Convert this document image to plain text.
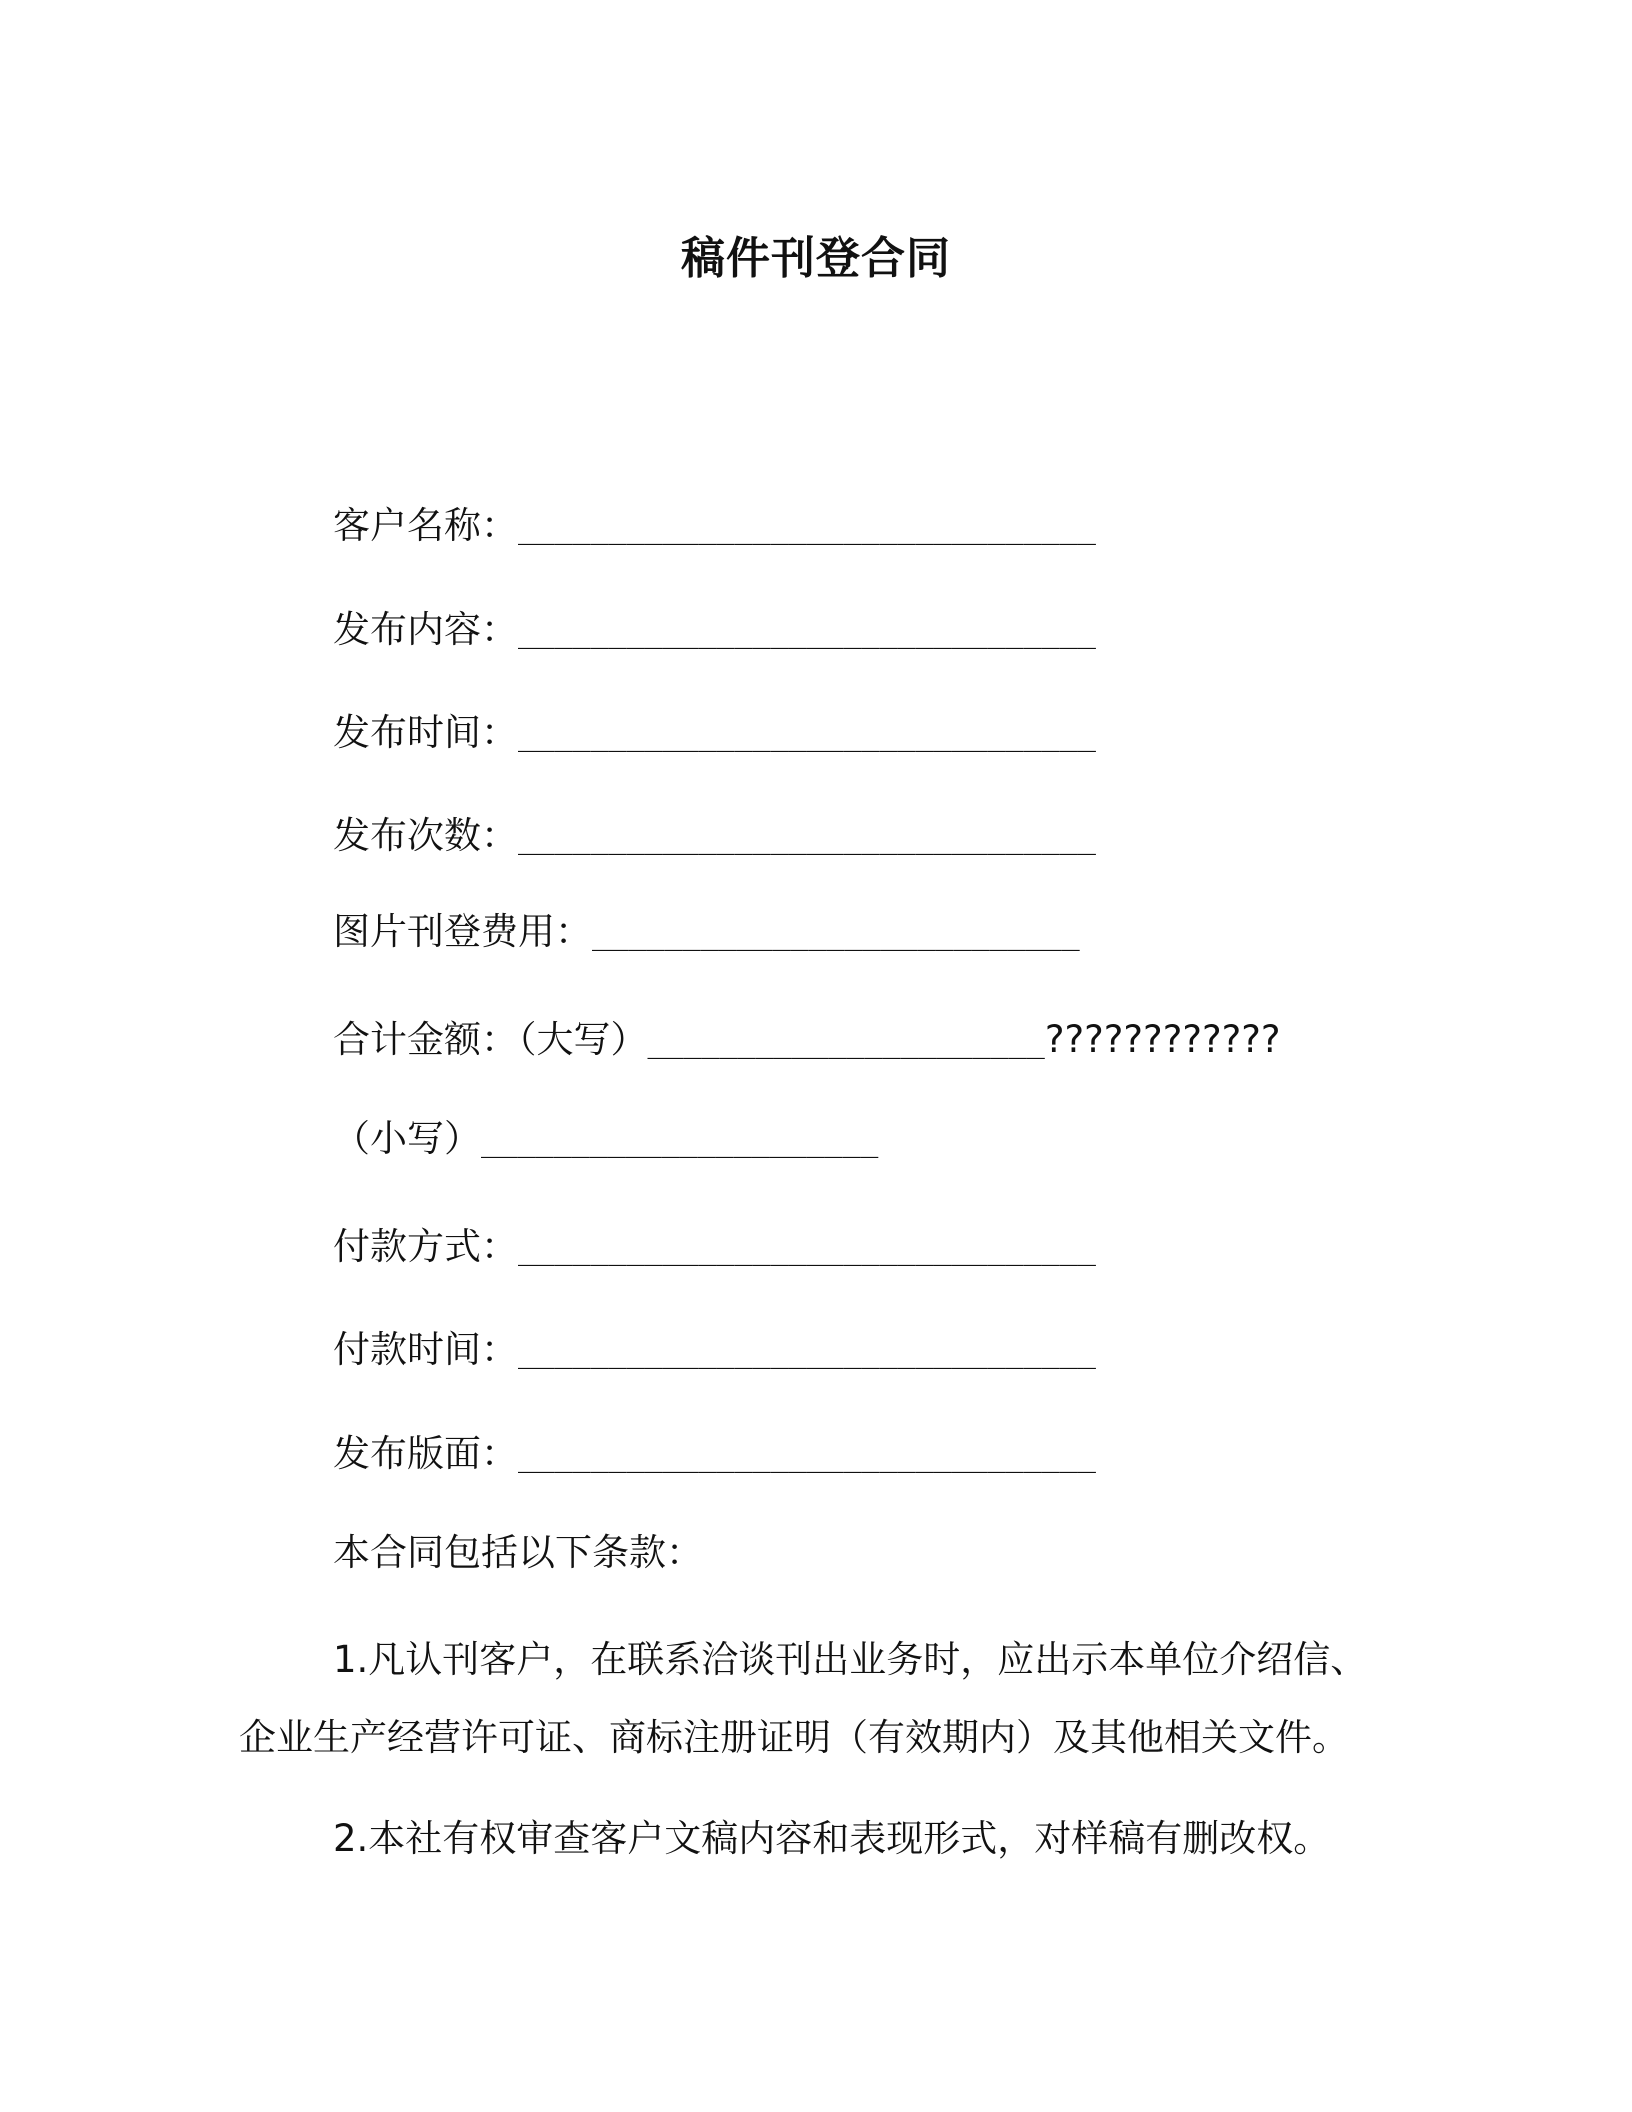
稿件刊登合同
客户名称：________________________________
发布内容：________________________________
发布时间：________________________________
发布次数：________________________________
图片刊登费用：___________________________
合计金额：（大写）______________________????????????
（小写）______________________
付款方式：________________________________
付款时间：________________________________
发布版面：________________________________
本合同包括以下条款：
1.凡认刊客户，在联系洽谈刊出业务时，应出示本单位介绍信、
企业生产经营许可证、商标注册证明（有效期内）及其他相关文件。
2.本社有权审查客户文稿内容和表现形式，对样稿有删改权。
